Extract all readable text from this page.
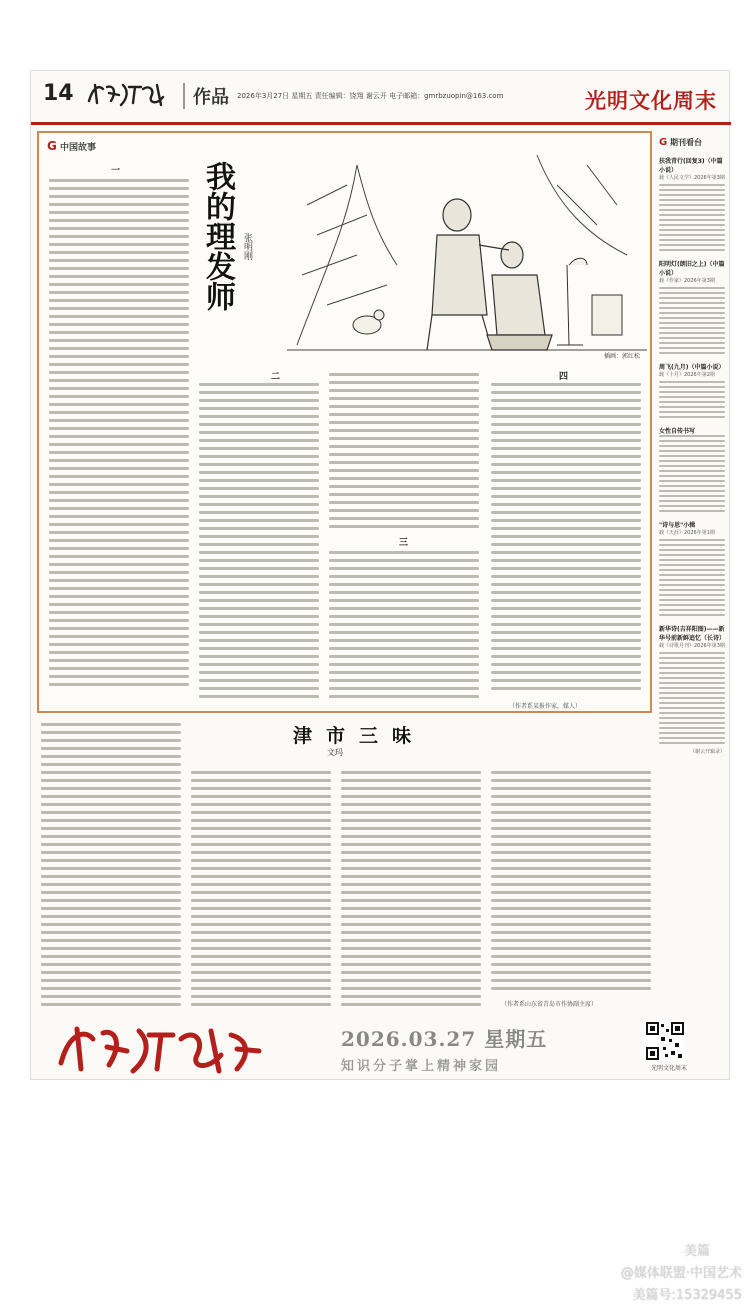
14	作品 2026年3月27日 星期五 责任编辑：饶翔 谢云开 电子邮箱：gmrbzuopin@163.com	光明文化周末
G 中国故事
一	我的理发师 张明刚
插画：郭红松
二
三
四
（作者系某报作家，媒人）
G 期刊看台
扶我青行(回复3)（中篇小说）
载《人民文学》2026年第3期
阳明灯(朗旧之上)（中篇小说）
载《作家》2026年第3期
周飞(九月)（中篇小说）
载《十月》2026年第2期
女性自传书写
"诗与思"小辑
载《天涯》2026年第1期
新华诗(吉祥阳图)——新华号前新鲜追忆（长诗）
载《诗歌月刊》2026年第3期
（谢云开辑录）
津市三味
文玛
（作者系山东省青岛市作协副主席）
2026.03.27 星期五
知识分子掌上精神家园	光明文化周末
美篇
@媒体联盟·中国艺术
美篇号:15329455
